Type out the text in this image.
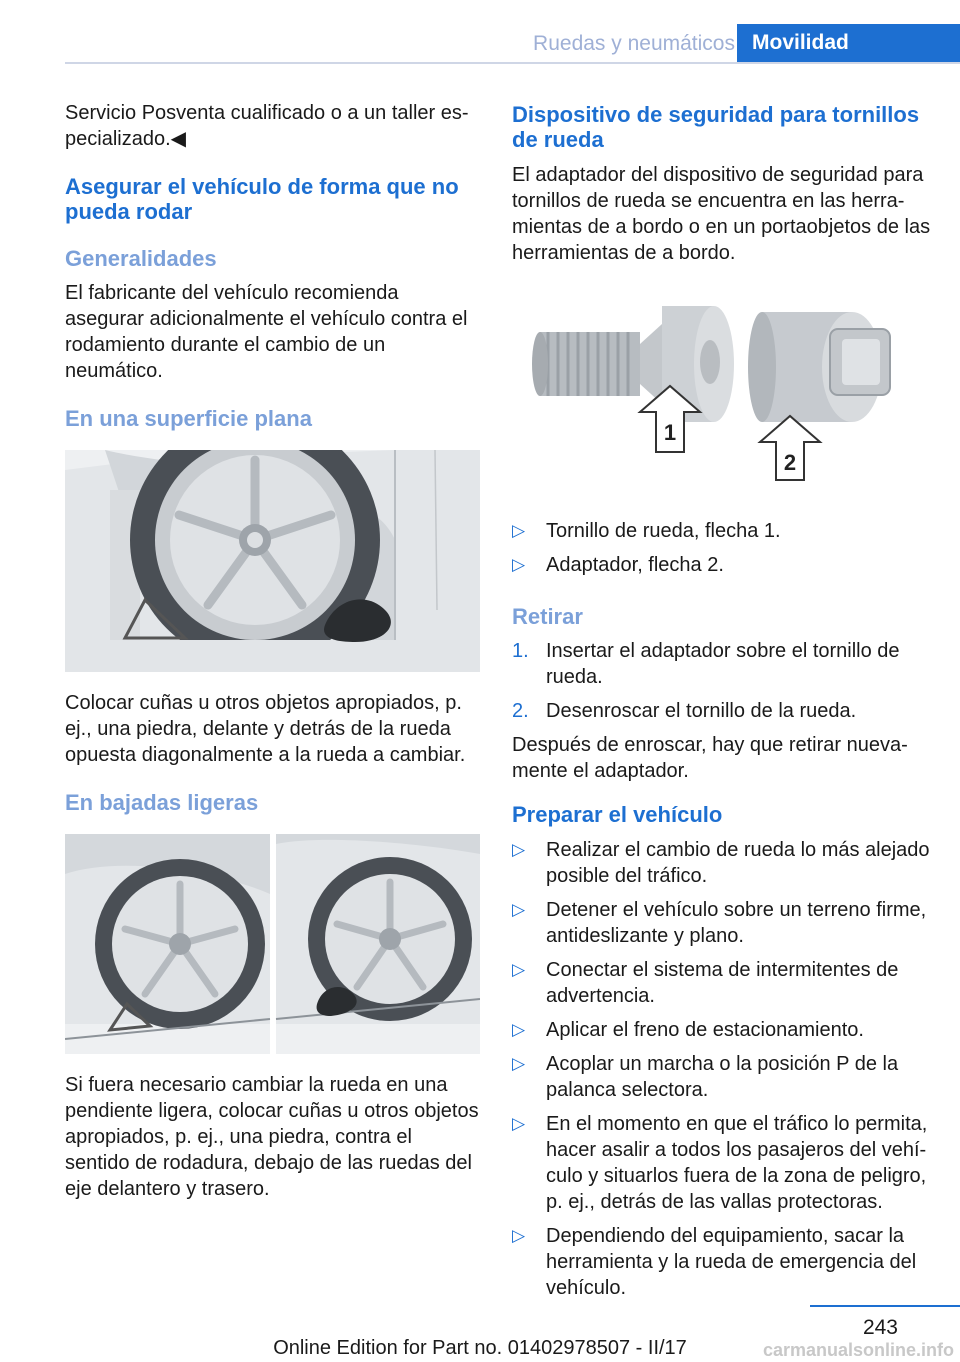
Ruedas y neumáticos Movilidad

Servicio Posventa cualificado o a un taller especializado.◀

Asegurar el vehículo de forma que no pueda rodar
Generalidades

El fabricante del vehículo recomienda asegurar adicionalmente el vehículo contra el rodamiento durante el cambio de un neumático.

En una superficie plana

Colocar cuñas u otros objetos apropiados, p. ej., una piedra, delante y detrás de la rueda opuesta diagonalmente a la rueda a cambiar.

En bajadas ligeras

Si fuera necesario cambiar la rueda en una pendiente ligera, colocar cuñas u otros objetos apropiados, p. ej., una piedra, contra el sentido de rodadura, debajo de las ruedas del eje delantero y trasero.

Dispositivo de seguridad para tornillos de rueda

El adaptador del dispositivo de seguridad para tornillos de rueda se encuentra en las herramientas de a bordo o en un portaobjetos de las herramientas de a bordo.

1
2
▷ Tornillo de rueda, flecha 1.
▷ Adaptador, flecha 2.
Retirar
1. Insertar el adaptador sobre el tornillo de rueda.
2. Desenroscar el tornillo de la rueda.

Después de enroscar, hay que retirar nuevamente el adaptador.

Preparar el vehículo
▷ Realizar el cambio de rueda lo más alejado posible del tráfico.
▷ Detener el vehículo sobre un terreno firme, antideslizante y plano.
▷ Conectar el sistema de intermitentes de advertencia.
▷ Aplicar el freno de estacionamiento.
▷ Acoplar un marcha o la posición P de la palanca selectora.
▷ En el momento en que el tráfico lo permita, hacer asalir a todos los pasajeros del vehículo y situarlos fuera de la zona de peligro, p. ej., detrás de las vallas protectoras.
▷ Dependiendo del equipamiento, sacar la herramienta y la rueda de emergencia del vehículo.
243
Online Edition for Part no. 01402978507 - II/17	carmanualsonline.info
